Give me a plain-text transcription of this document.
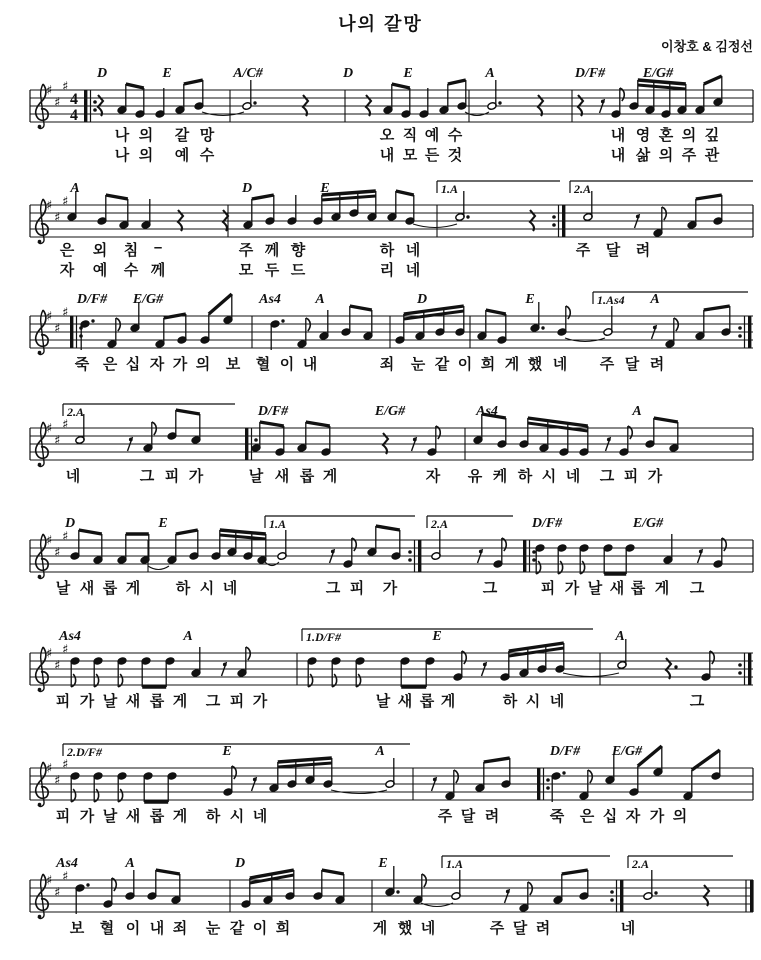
나의 갈망
이창호 & 김정선
♯
♯
♯
4
4
D	E	A/C#	D	E	A	D/F#	E/G#
나 의 갈 망	오 직 예 수	내 영 혼 의 깊
나 의 예 수	내 모 든 것	내 삶 의 주 관
1.A	2.A
♯
♯
♯
A	D	E
은 외 침 –	주 께 향	하 네	주 달 려
자 예 수 께	모 두 드	리 네
1.As4
♯
♯
♯
D/F# E/G#	As4 A	D	E	A
죽 은 십 자 가 의 보 혈 이 내	죄 눈 같 이 희 게 했 네 주 달 려
2.A
♯
♯
♯
D/F#	E/G#	As4	A
네	그 피 가	날 새 롭 게	자 유 케 하 시 네 그 피 가
1.A	2.A
♯
♯
♯
D	E	D/F#	E/G#
날 새 롭 게 하 시 네	그 피 가	그	피 가 날 새 롭 게 그
1.D/F#
♯
♯
♯
As4	A	E	A
피 가 날 새 롭 게 그 피 가	날 새 롭 게	하 시 네	그
2.D/F#
♯
♯
♯
E	A	D/F# E/G#
피 가 날 새 롭 게 하 시 네	주 달 려	죽 은 십 자 가 의
1.A	2.A
♯
♯
♯
As4	A	D	E
보 혈 이 내 죄 눈 같 이 희	게 했 네	주 달 려	네
